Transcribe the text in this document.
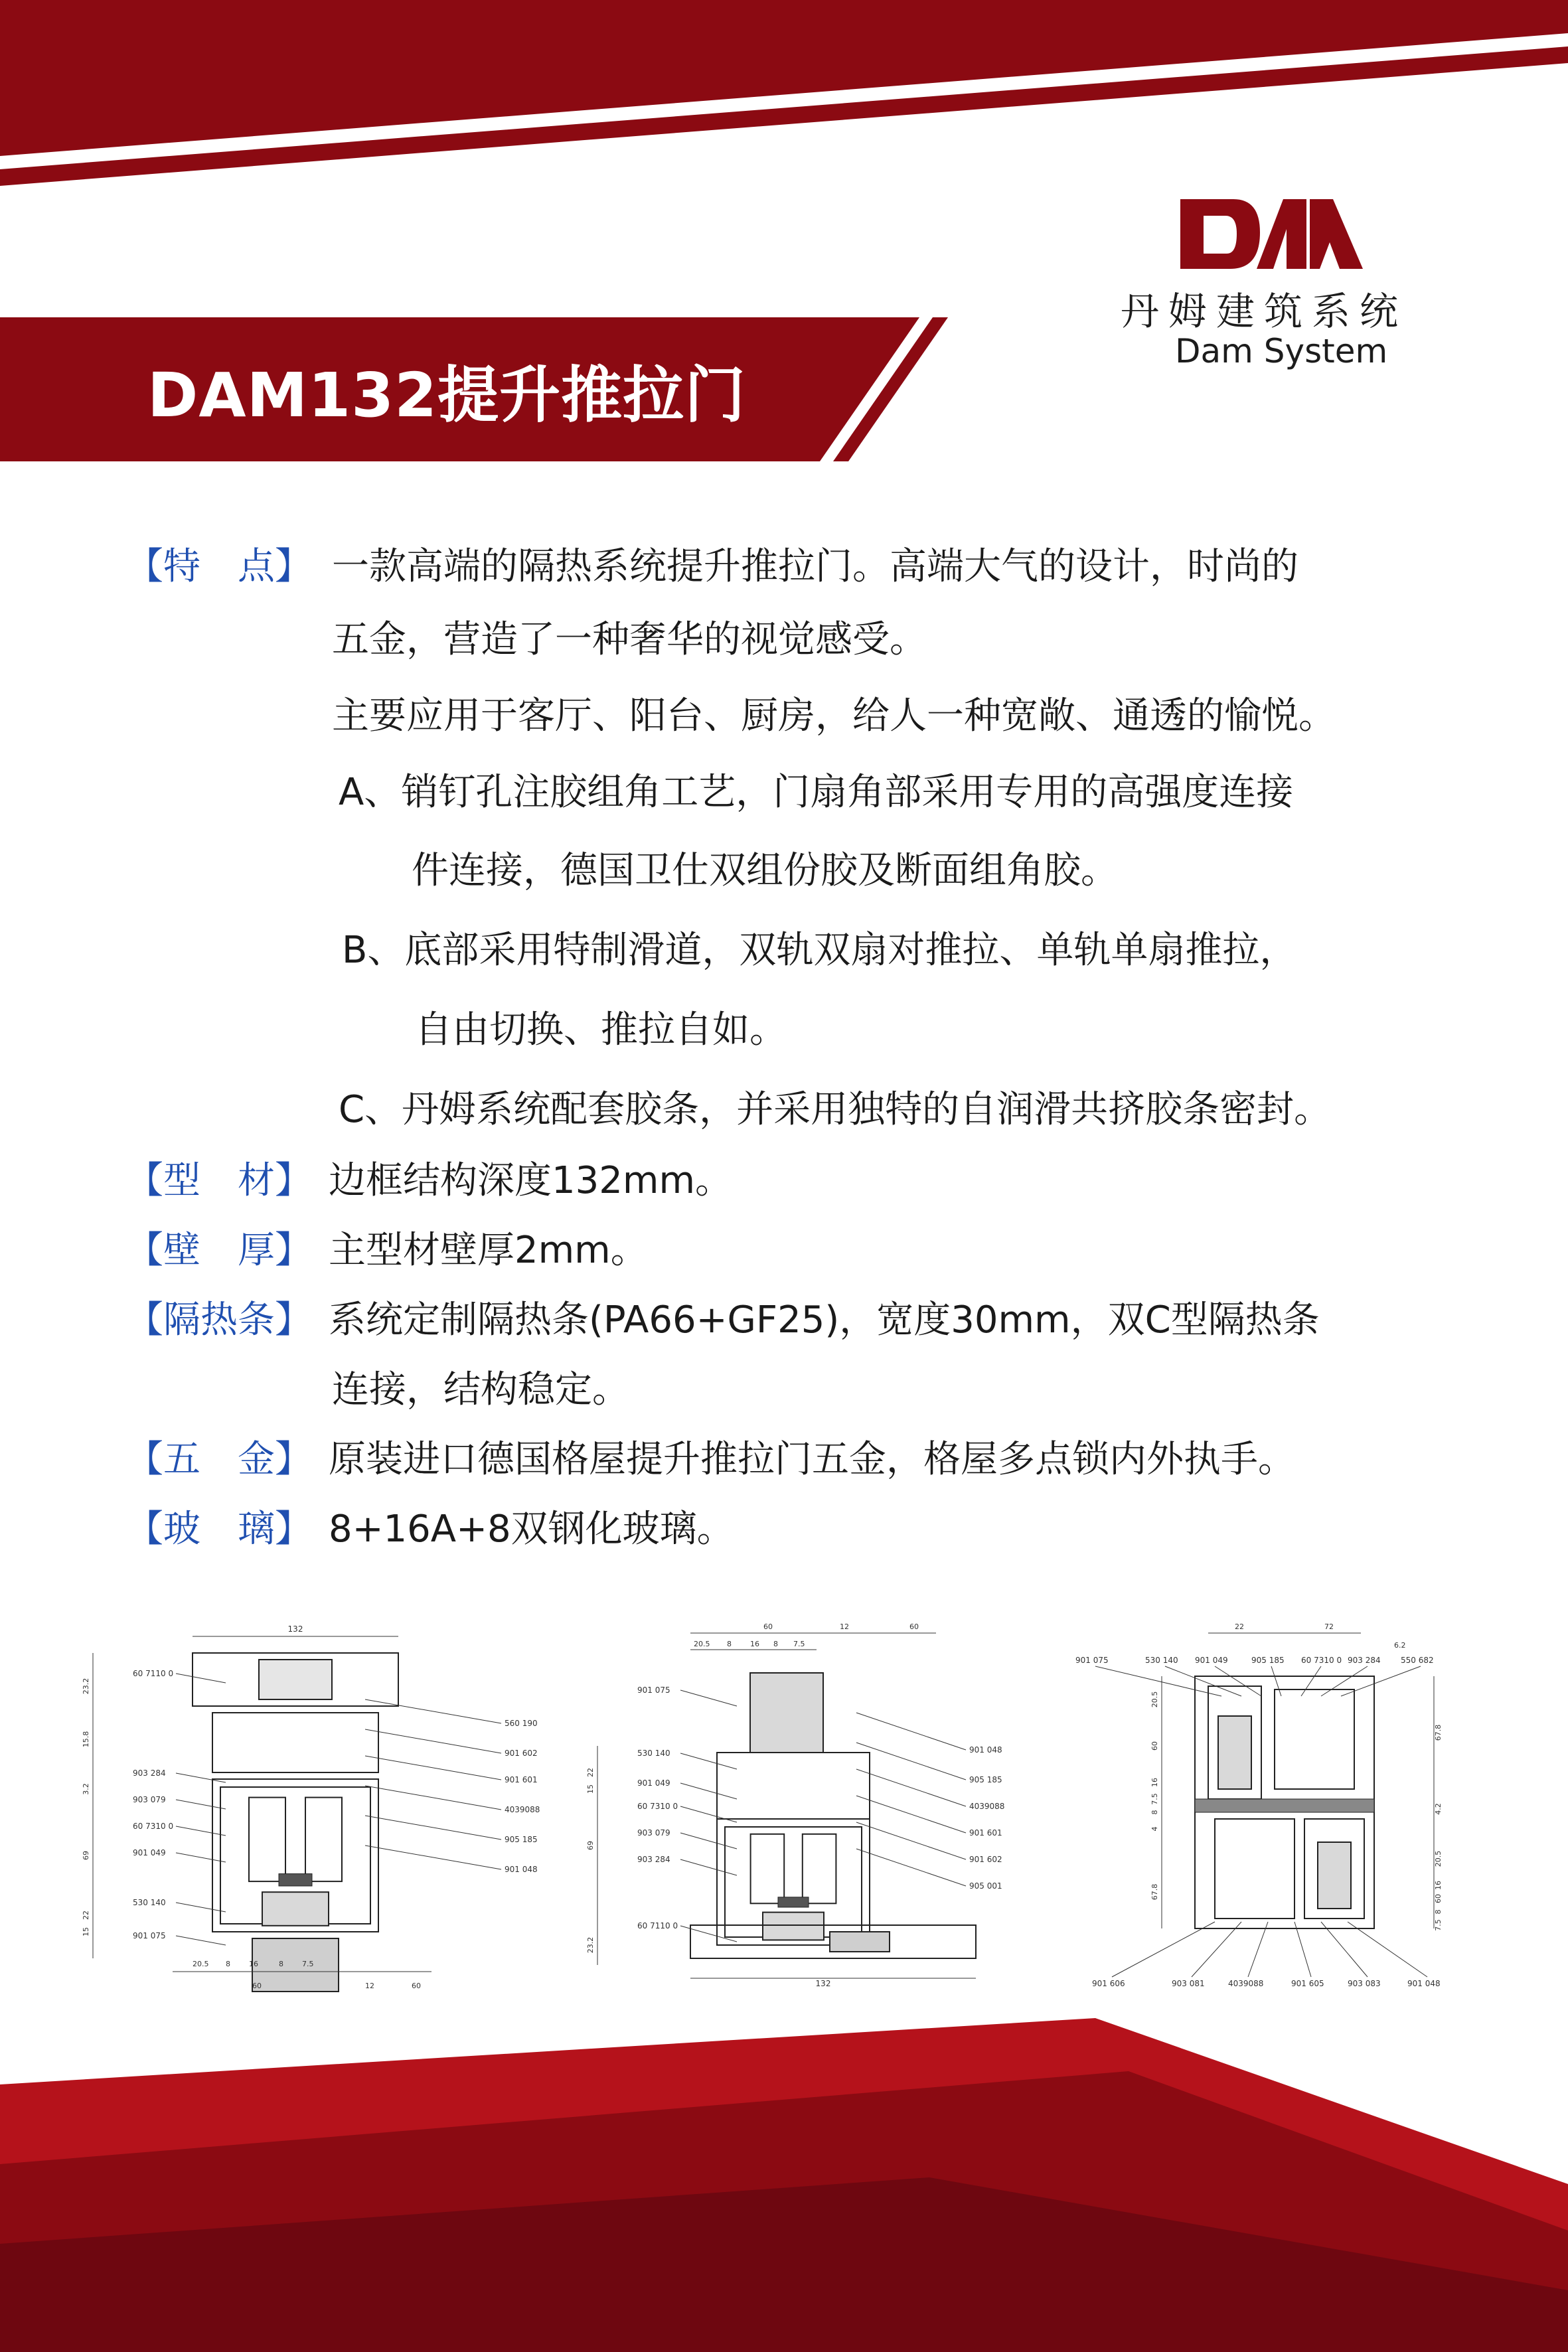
DAM132提升推拉门
丹姆建筑系统
Dam System
【特　点】 一款高端的隔热系统提升推拉门。高端大气的设计，时尚的
五金，营造了一种奢华的视觉感受。
主要应用于客厅、阳台、厨房，给人一种宽敞、通透的愉悦。
A、销钉孔注胶组角工艺，门扇角部采用专用的高强度连接
件连接，德国卫仕双组份胶及断面组角胶。
B、底部采用特制滑道，双轨双扇对推拉、单轨单扇推拉，
自由切换、推拉自如。
C、丹姆系统配套胶条，并采用独特的自润滑共挤胶条密封。
【型　材】 边框结构深度132mm。
【壁　厚】 主型材壁厚2mm。
【隔热条】 系统定制隔热条(PA66+GF25)，宽度30mm，双C型隔热条
连接，结构稳定。
【五　金】 原装进口德国格屋提升推拉门五金，格屋多点锁内外执手。
【玻　璃】 8+16A+8双钢化玻璃。
132
20.5 8	16	8	7.5
60	12	60
23.2
15.8
3.2
69
22
15
60 7110 0
903 284
903 079
60 7310 0
901 049
530 140
901 075
560 190
901 602
901 601
4039088
905 185
901 048
60	12	60
20.5 8	16 8 7.5
132
22
15
69
23.2
901 075
530 140
901 049
60 7310 0
903 079
903 284
60 7110 0
901 048
905 185
4039088
901 601
901 602
905 001
22	72
6.2
901 075	530 140 901 049	905 185 60 7310 0 903 284	550 682
901 606	903 081	4039088	901 605	903 083	901 048
20.5
60
16
7.5
8
4
67.8
67.8
4.2
20.5
16
60
8
7.5
